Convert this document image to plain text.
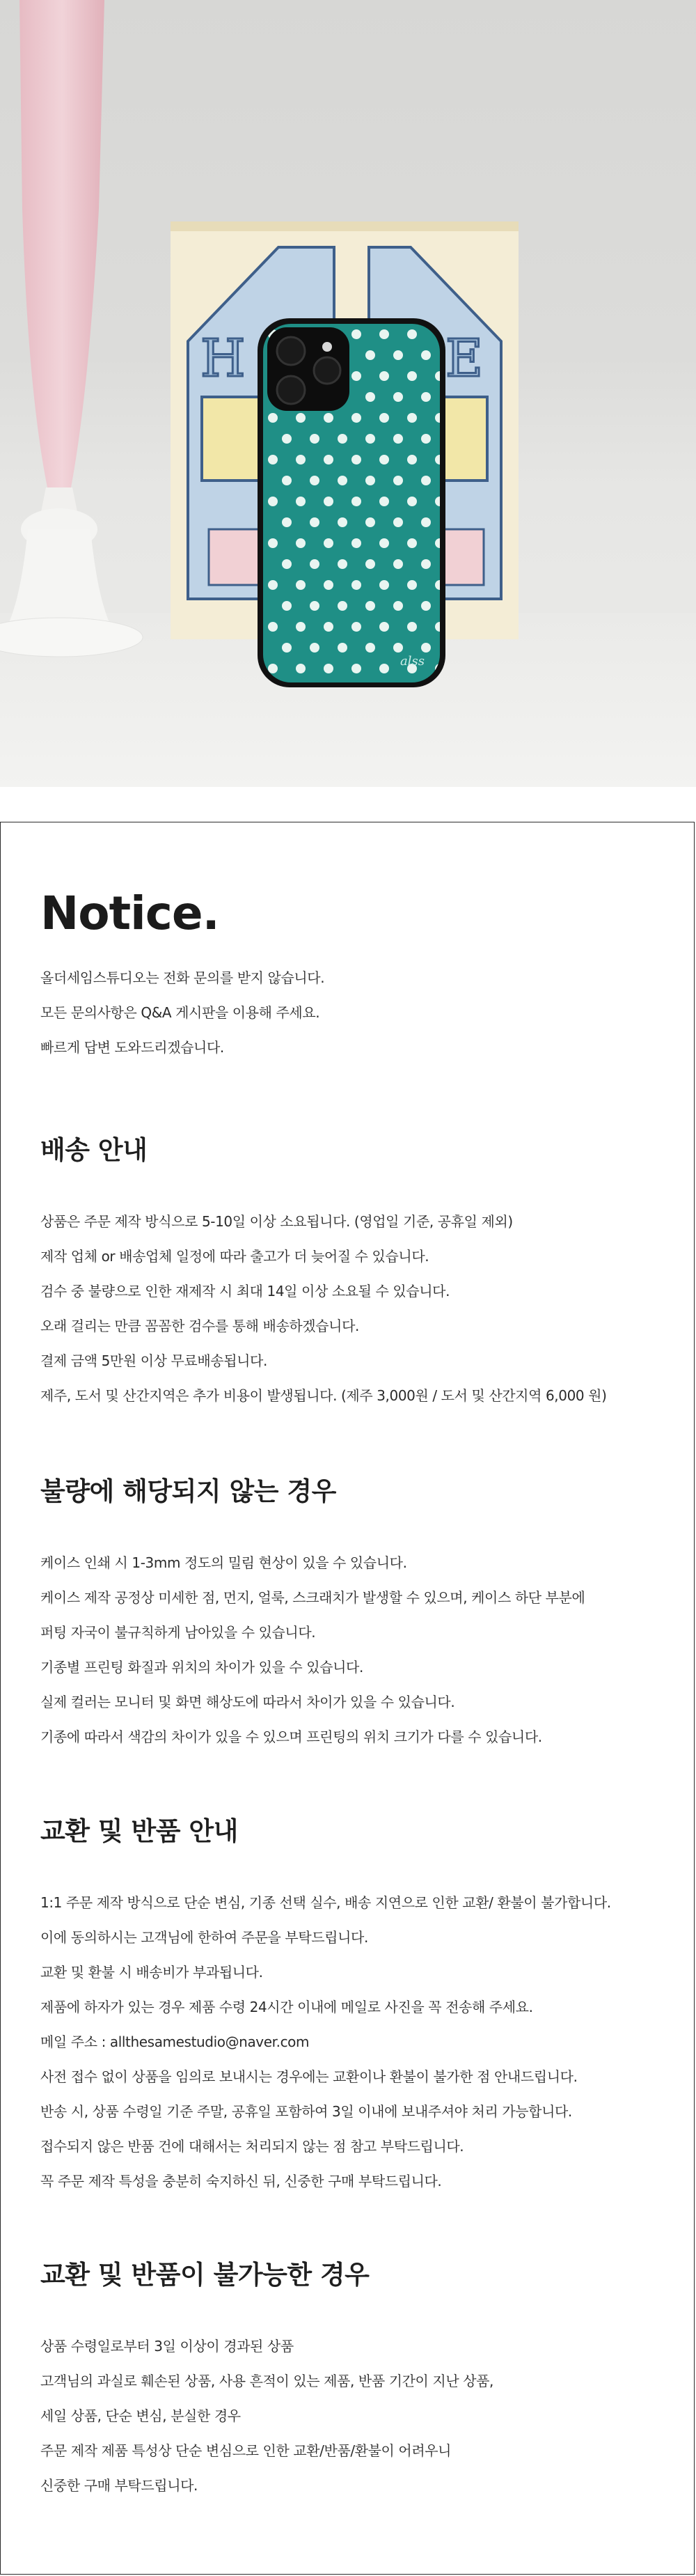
H	E
alss
Notice.
올더세임스튜디오는 전화 문의를 받지 않습니다.
모든 문의사항은 Q&A 게시판을 이용해 주세요.
빠르게 답변 도와드리겠습니다.
배송 안내
상품은 주문 제작 방식으로 5-10일 이상 소요됩니다. (영업일 기준, 공휴일 제외)
제작 업체 or 배송업체 일정에 따라 출고가 더 늦어질 수 있습니다.
검수 중 불량으로 인한 재제작 시 최대 14일 이상 소요될 수 있습니다.
오래 걸리는 만큼 꼼꼼한 검수를 통해 배송하겠습니다.
결제 금액 5만원 이상 무료배송됩니다.
제주, 도서 및 산간지역은 추가 비용이 발생됩니다. (제주 3,000원 / 도서 및 산간지역 6,000 원)
불량에 해당되지 않는 경우
케이스 인쇄 시 1-3mm 정도의 밀림 현상이 있을 수 있습니다.
케이스 제작 공정상 미세한 점, 먼지, 얼룩, 스크래치가 발생할 수 있으며, 케이스 하단 부분에
퍼팅 자국이 불규칙하게 남아있을 수 있습니다.
기종별 프린팅 화질과 위치의 차이가 있을 수 있습니다.
실제 컬러는 모니터 및 화면 해상도에 따라서 차이가 있을 수 있습니다.
기종에 따라서 색감의 차이가 있을 수 있으며 프린팅의 위치 크기가 다를 수 있습니다.
교환 및 반품 안내
1:1 주문 제작 방식으로 단순 변심, 기종 선택 실수, 배송 지연으로 인한 교환/ 환불이 불가합니다.
이에 동의하시는 고객님에 한하여 주문을 부탁드립니다.
교환 및 환불 시 배송비가 부과됩니다.
제품에 하자가 있는 경우 제품 수령 24시간 이내에 메일로 사진을 꼭 전송해 주세요.
메일 주소 : allthesamestudio@naver.com
사전 접수 없이 상품을 임의로 보내시는 경우에는 교환이나 환불이 불가한 점 안내드립니다.
반송 시, 상품 수령일 기준 주말, 공휴일 포함하여 3일 이내에 보내주셔야 처리 가능합니다.
접수되지 않은 반품 건에 대해서는 처리되지 않는 점 참고 부탁드립니다.
꼭 주문 제작 특성을 충분히 숙지하신 뒤, 신중한 구매 부탁드립니다.
교환 및 반품이 불가능한 경우
상품 수령일로부터 3일 이상이 경과된 상품
고객님의 과실로 훼손된 상품, 사용 흔적이 있는 제품, 반품 기간이 지난 상품,
세일 상품, 단순 변심, 분실한 경우
주문 제작 제품 특성상 단순 변심으로 인한 교환/반품/환불이 어려우니
신중한 구매 부탁드립니다.
